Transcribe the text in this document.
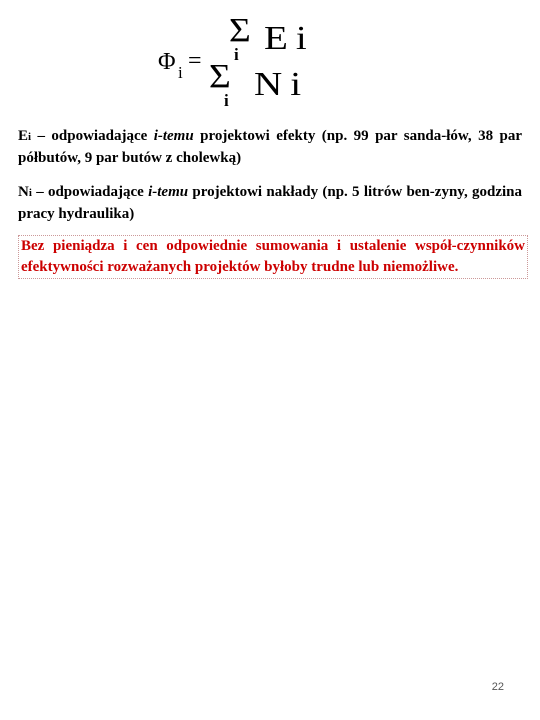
Φ i =
Σ
i Ei
Σ
i Ni

Ei – odpowiadające i-temu projektowi efekty (np. 99 par sanda-łów, 38 par półbutów, 9 par butów z cholewką)

Ni – odpowiadające i-temu projektowi nakłady (np. 5 litrów ben-zyny, godzina pracy hydraulika)

Bez pieniądza i cen odpowiednie sumowania i ustalenie współ-czynników efektywności rozważanych projektów byłoby trudne lub niemożliwe.

22
